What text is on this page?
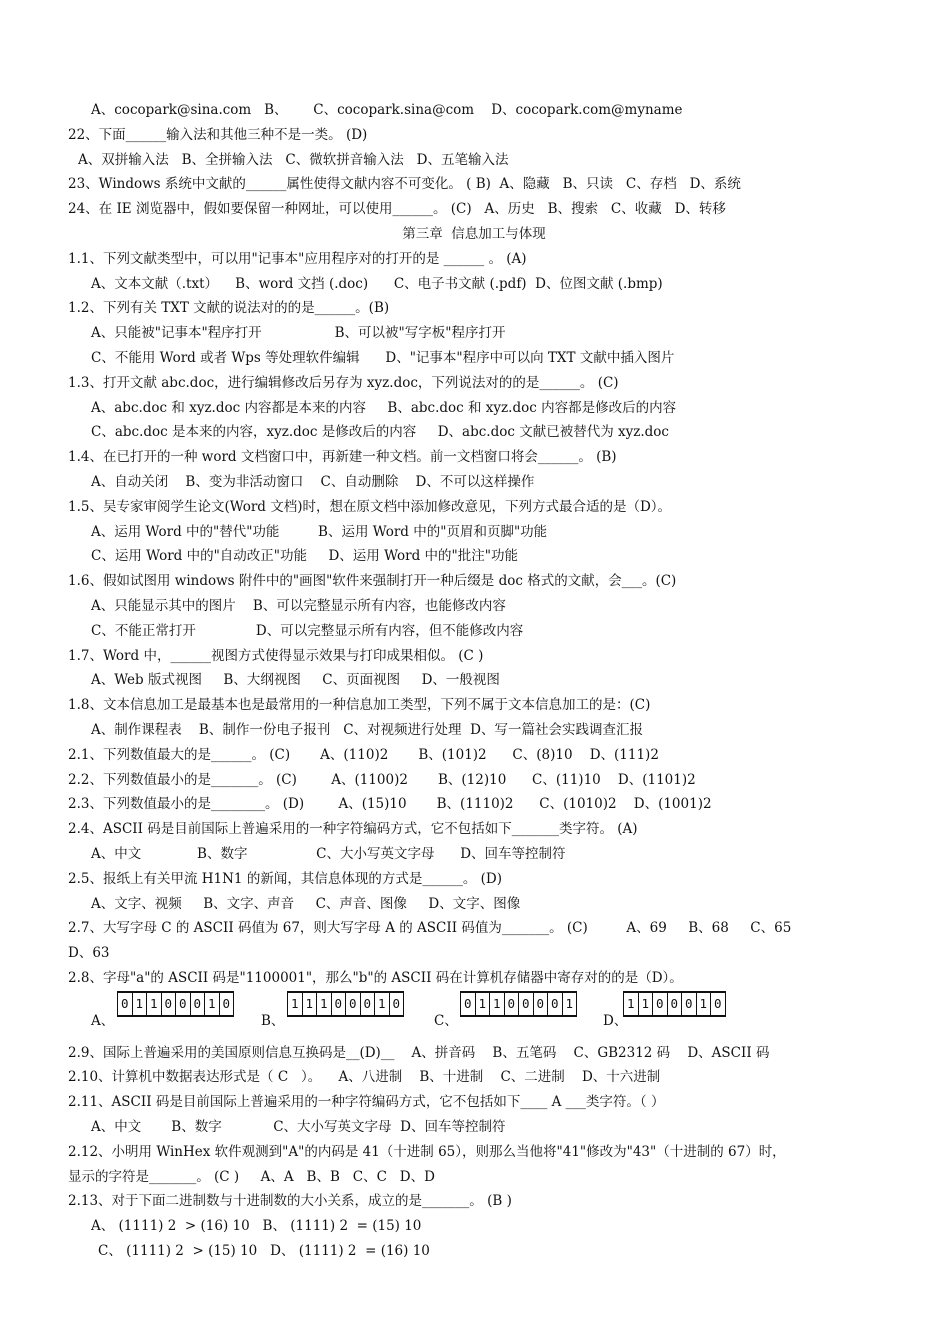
A、cocopark@sina.com   B、      C、cocopark.sina@com    D、cocopark.com@myname
22、下面______输入法和其他三种不是一类。 (D)
A、双拼输入法   B、全拼输入法   C、微软拼音输入法   D、五笔输入法
23、Windows 系统中文献的______属性使得文献内容不可变化。 ( B)  A、隐藏   B、只读   C、存档   D、系统
24、在 IE 浏览器中，假如要保留一种网址，可以使用______。 (C)   A、历史   B、搜索   C、收藏   D、转移
第三章  信息加工与体现
1.1、下列文献类型中，可以用"记事本"应用程序对的打开的是 ______ 。 (A)
A、文本文献（.txt）    B、word 文挡 (.doc)      C、电子书文献 (.pdf)  D、位图文献 (.bmp)
1.2、下列有关 TXT 文献的说法对的的是______。(B)
A、只能被"记事本"程序打开                 B、可以被"写字板"程序打开
C、不能用 Word 或者 Wps 等处理软件编辑      D、"记事本"程序中可以向 TXT 文献中插入图片
1.3、打开文献 abc.doc，进行编辑修改后另存为 xyz.doc，下列说法对的的是______。 (C)
A、abc.doc 和 xyz.doc 内容都是本来的内容     B、abc.doc 和 xyz.doc 内容都是修改后的内容
C、abc.doc 是本来的内容，xyz.doc 是修改后的内容     D、abc.doc 文献已被替代为 xyz.doc
1.4、在已打开的一种 word 文档窗口中，再新建一种文档。前一文档窗口将会______。 (B)
A、自动关闭    B、变为非活动窗口    C、自动删除    D、不可以这样操作
1.5、吴专家审阅学生论文(Word 文档)时，想在原文档中添加修改意见，下列方式最合适的是（D）。
A、运用 Word 中的"替代"功能         B、运用 Word 中的"页眉和页脚"功能
C、运用 Word 中的"自动改正"功能     D、运用 Word 中的"批注"功能
1.6、假如试图用 windows 附件中的"画图"软件来强制打开一种后缀是 doc 格式的文献，会___。(C)
A、只能显示其中的图片    B、可以完整显示所有内容，也能修改内容
C、不能正常打开              D、可以完整显示所有内容，但不能修改内容
1.7、Word 中，______视图方式使得显示效果与打印成果相似。 (C )
A、Web 版式视图     B、大纲视图     C、页面视图     D、一般视图
1.8、文本信息加工是最基本也是最常用的一种信息加工类型，下列不属于文本信息加工的是：(C)
A、制作课程表    B、制作一份电子报刊   C、对视频进行处理  D、写一篇社会实践调查汇报
2.1、下列数值最大的是______。 (C)       A、(110)2       B、(101)2      C、(8)10    D、(111)2
2.2、下列数值最小的是_______。 (C)        A、(1100)2       B、(12)10      C、(11)10    D、(1101)2
2.3、下列数值最小的是________。 (D)        A、(15)10       B、(1110)2      C、(1010)2    D、(1001)2
2.4、ASCII 码是目前国际上普遍采用的一种字符编码方式，它不包括如下_______类字符。 (A)
A、中文             B、数字                C、大小写英文字母      D、回车等控制符
2.5、报纸上有关甲流 H1N1 的新闻，其信息体现的方式是______。 (D)
A、文字、视频     B、文字、声音     C、声音、图像     D、文字、图像
2.7、大写字母 C 的 ASCII 码值为 67，则大写字母 A 的 ASCII 码值为_______。 (C)         A、69     B、68     C、65
D、63
2.8、字母"a"的 ASCII 码是"1100001"，那么"b"的 ASCII 码在计算机存储器中寄存对的的是（D）。
A、
0 1 1 0 0 0 1 0
B、
1 1 1 0 0 0 1 0
C、
0 1 1 0 0 0 0 1
D、
1 1 0 0 0 1 0
2.9、国际上普遍采用的美国原则信息互换码是__(D)__    A、拼音码    B、五笔码    C、GB2312 码    D、ASCII 码
2.10、计算机中数据表达形式是（ C   ）。    A、八进制    B、十进制    C、二进制    D、十六进制
2.11、ASCII 码是目前国际上普遍采用的一种字符编码方式，它不包括如下____ A ___类字符。（ ）
A、中文       B、数字            C、大小写英文字母  D、回车等控制符
2.12、小明用 WinHex 软件观测到"A"的内码是 41（十进制 65），则那么当他将"41"修改为"43"（十进制的 67）时，
显示的字符是_______。 (C )     A、A   B、B   C、C   D、D
2.13、对于下面二进制数与十进制数的大小关系，成立的是_______。 (B )
A、 (1111) 2  > (16) 10   B、 (1111) 2  = (15) 10
C、 (1111) 2  > (15) 10   D、 (1111) 2  = (16) 10
